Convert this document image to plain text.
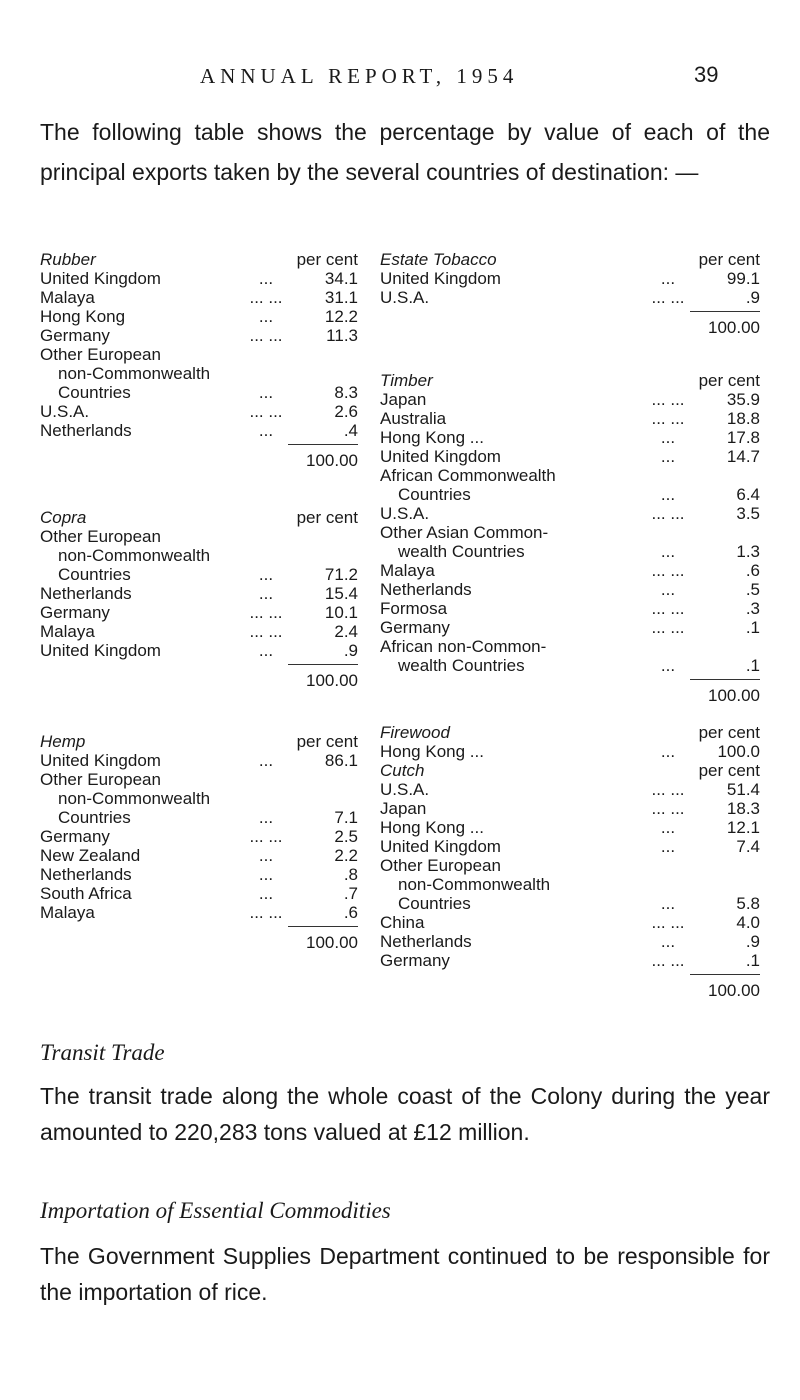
ANNUAL REPORT, 1954	39

The following table shows the percentage by value of each of the principal exports taken by the several countries of destination: —

Rubber	per cent
United Kingdom	...	34.1
Malaya	... ...	31.1
Hong Kong	...	12.2
Germany	... ...	11.3
Other European
non-Commonwealth
Countries	...	8.3
U.S.A.	... ...	2.6
Netherlands	...	.4
100.00
Copra	per cent
Other European
non-Commonwealth
Countries	...	71.2
Netherlands	...	15.4
Germany	... ...	10.1
Malaya	... ...	2.4
United Kingdom	...	.9
100.00
Hemp	per cent
United Kingdom	...	86.1
Other European
non-Commonwealth
Countries	...	7.1
Germany	... ...	2.5
New Zealand	...	2.2
Netherlands	...	.8
South Africa	...	.7
Malaya	... ...	.6
100.00
Estate Tobacco	per cent
United Kingdom	...	99.1
U.S.A.	... ...	.9
100.00
Timber	per cent
Japan	... ...	35.9
Australia	... ...	18.8
Hong Kong ...	...	17.8
United Kingdom	...	14.7
African Commonwealth
Countries	...	6.4
U.S.A.	... ...	3.5
Other Asian Common-
wealth Countries	...	1.3
Malaya	... ...	.6
Netherlands	...	.5
Formosa	... ...	.3
Germany	... ...	.1
African non-Common-
wealth Countries	...	.1
100.00
Firewood	per cent
Hong Kong ...	...	100.0
Cutch	per cent
U.S.A.	... ...	51.4
Japan	... ...	18.3
Hong Kong ...	...	12.1
United Kingdom	...	7.4
Other European
non-Commonwealth
Countries	...	5.8
China	... ...	4.0
Netherlands	...	.9
Germany	... ...	.1
100.00
Transit Trade

The transit trade along the whole coast of the Colony during the year amounted to 220,283 tons valued at £12 million.

Importation of Essential Commodities

The Government Supplies Department continued to be responsible for the importation of rice.
